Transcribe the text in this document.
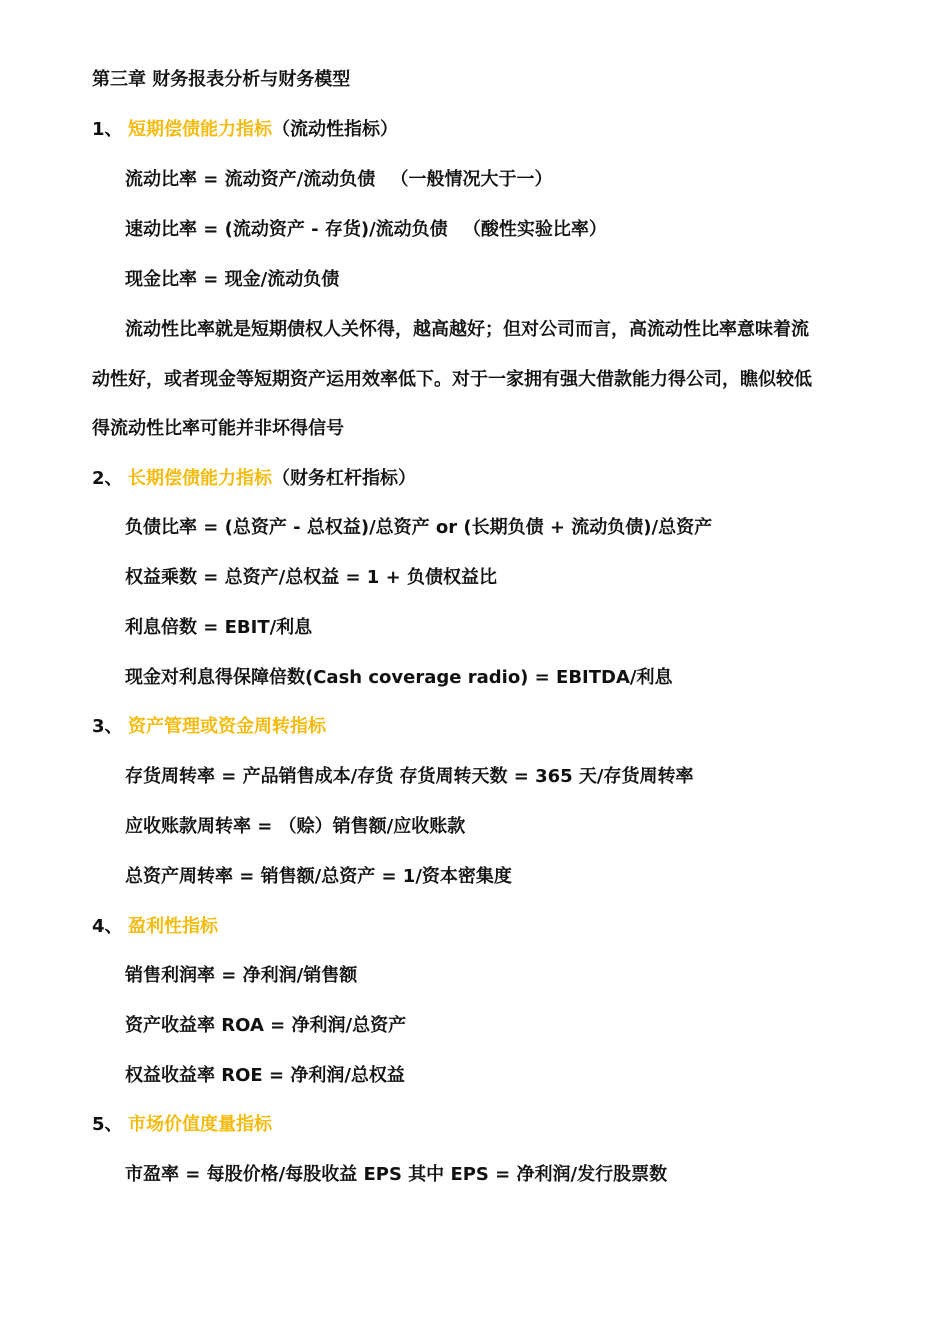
第三章 财务报表分析与财务模型
1、 短期偿债能力指标（流动性指标）
流动比率 = 流动资产/流动负债 　（一般情况大于一）
速动比率 = (流动资产 - 存货)/流动负债 　（酸性实验比率）
现金比率 = 现金/流动负债
流动性比率就是短期债权人关怀得，越高越好；但对公司而言，高流动性比率意味着流
动性好，或者现金等短期资产运用效率低下。对于一家拥有强大借款能力得公司，瞧似较低
得流动性比率可能并非坏得信号
2、 长期偿债能力指标（财务杠杆指标）
负债比率 = (总资产 - 总权益)/总资产 or (长期负债 + 流动负债)/总资产
权益乘数 = 总资产/总权益 = 1 + 负债权益比
利息倍数 = EBIT/利息
现金对利息得保障倍数(Cash coverage radio) = EBITDA/利息
3、 资产管理或资金周转指标
存货周转率 = 产品销售成本/存货 存货周转天数 = 365 天/存货周转率
应收账款周转率 = （赊）销售额/应收账款
总资产周转率 = 销售额/总资产 = 1/资本密集度
4、 盈利性指标
销售利润率 = 净利润/销售额
资产收益率 ROA = 净利润/总资产
权益收益率 ROE = 净利润/总权益
5、 市场价值度量指标
市盈率 = 每股价格/每股收益 EPS 其中 EPS = 净利润/发行股票数
